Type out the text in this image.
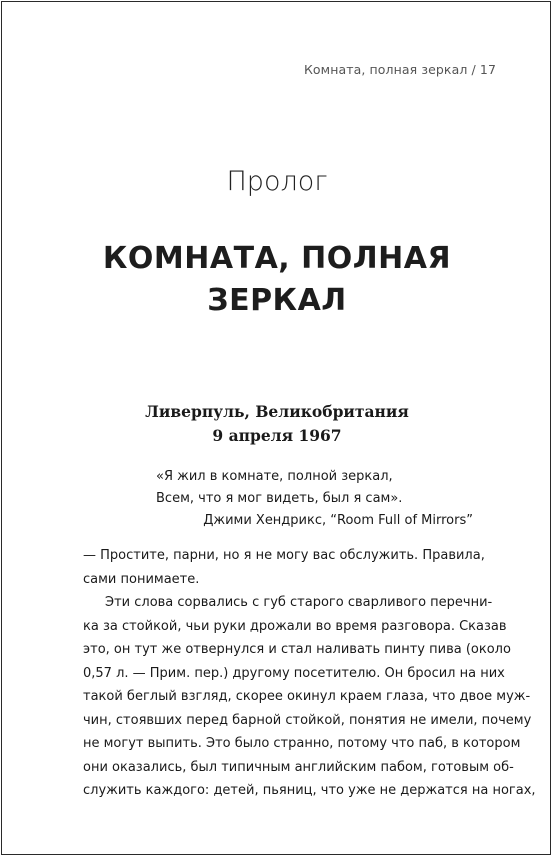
Комната, полная зеркал / 17
Пролог
КОМНАТА, ПОЛНАЯ
ЗЕРКАЛ
Ливерпуль, Великобритания
9 апреля 1967
«Я жил в комнате, полной зеркал,
Всем, что я мог видеть, был я сам».
Джими Хендрикс, “Room Full of Mirrors”
— Простите, парни, но я не могу вас обслужить. Правила,
сами понимаете.
Эти слова сорвались с губ старого сварливого перечни-
ка за стойкой, чьи руки дрожали во время разговора. Сказав
это, он тут же отвернулся и стал наливать пинту пива (около
0,57 л. — Прим. пер.) другому посетителю. Он бросил на них
такой беглый взгляд, скорее окинул краем глаза, что двое муж-
чин, стоявших перед барной стойкой, понятия не имели, почему
не могут выпить. Это было странно, потому что паб, в котором
они оказались, был типичным английским пабом, готовым об-
служить каждого: детей, пьяниц, что уже не держатся на ногах,
